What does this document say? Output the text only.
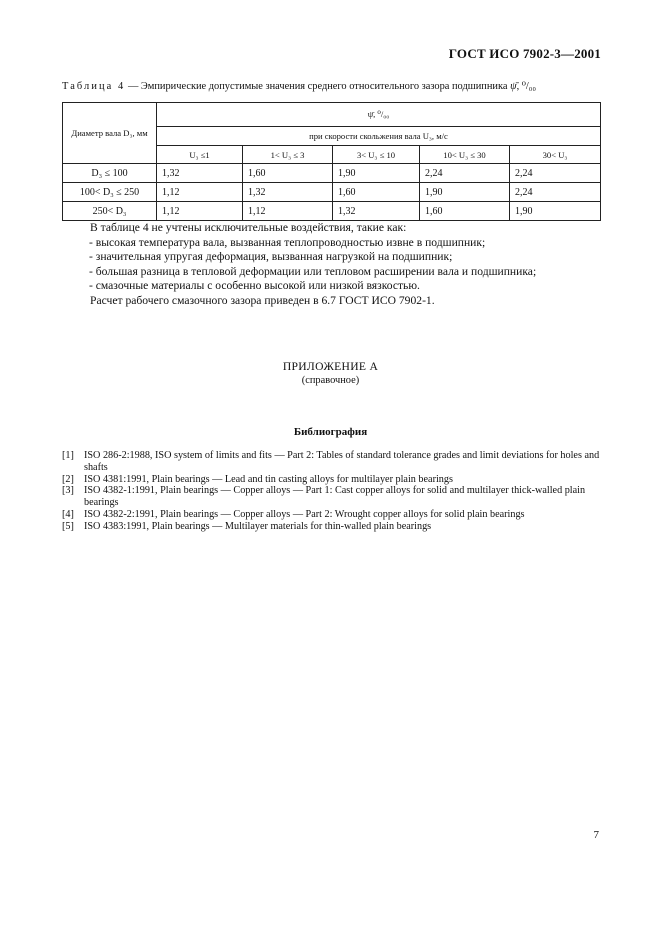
ГОСТ ИСО 7902-3—2001
Таблица 4 — Эмпирические допустимые значения среднего относительного зазора подшипника ψ̄, ⁰/₀₀
Диаметр вала D₃, мм	ψ̄, ⁰/₀₀				
	при скорости скольжения вала U₃, м/с				
	U₃ ≤1	1< U₃ ≤ 3	3< U₃ ≤ 10	10< U₃ ≤ 30	30< U₃
D₃ ≤ 100	1,32	1,60	1,90	2,24	2,24
100< D₃ ≤ 250	1,12	1,32	1,60	1,90	2,24
250< D₃	1,12	1,12	1,32	1,60	1,90

В таблице 4 не учтены исключительные воздействия, такие как:

- высокая температура вала, вызванная теплопроводностью извне в подшипник;

- значительная упругая деформация, вызванная нагрузкой на подшипник;

- большая разница в тепловой деформации или тепловом расширении вала и подшипника;

- смазочные материалы с особенно высокой или низкой вязкостью.

Расчет рабочего смазочного зазора приведен в 6.7 ГОСТ ИСО 7902-1.

ПРИЛОЖЕНИЕ А
(справочное)
Библиография
[1] ISO 286-2:1988, ISO system of limits and fits — Part 2: Tables of standard tolerance grades and limit deviations for holes and shafts
[2] ISO 4381:1991, Plain bearings — Lead and tin casting alloys for multilayer plain bearings
[3] ISO 4382-1:1991, Plain bearings — Copper alloys — Part 1: Cast copper alloys for solid and multilayer thick-walled plain bearings
[4] ISO 4382-2:1991, Plain bearings — Copper alloys — Part 2: Wrought copper alloys for solid plain bearings
[5] ISO 4383:1991, Plain bearings — Multilayer materials for thin-walled plain bearings
7
